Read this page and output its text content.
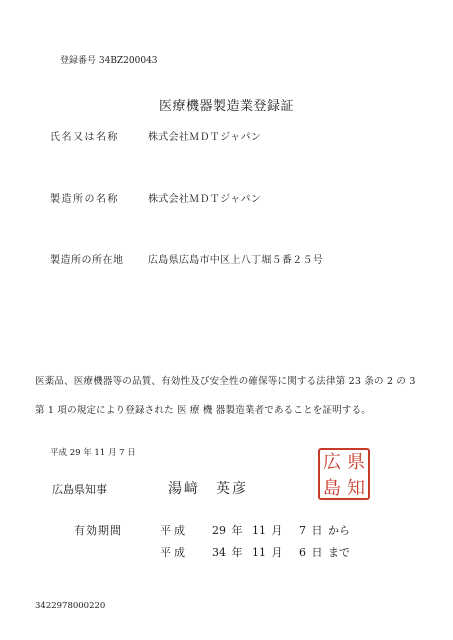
登録番号 34BZ200043
医療機器製造業登録証
氏名又は名称	株式会社ＭＤＴジャパン
製造所の名称	株式会社ＭＤＴジャパン
製造所の所在地 広島県広島市中区上八丁堀５番２５号
医薬品、医療機器等の品質、有効性及び安全性の確保等に関する法律第 23 条の 2 の 3
第 1 項の規定により登録された 医 療 機 器製造業者であることを証明する。
平成 29 年 11 月 7 日
広島県知事	湯﨑　英彦
広 県
島 知
有効期間	平成 29 年 11 月 7 日 から
平成 34 年 11 月 6 日 まで
3422978000220
